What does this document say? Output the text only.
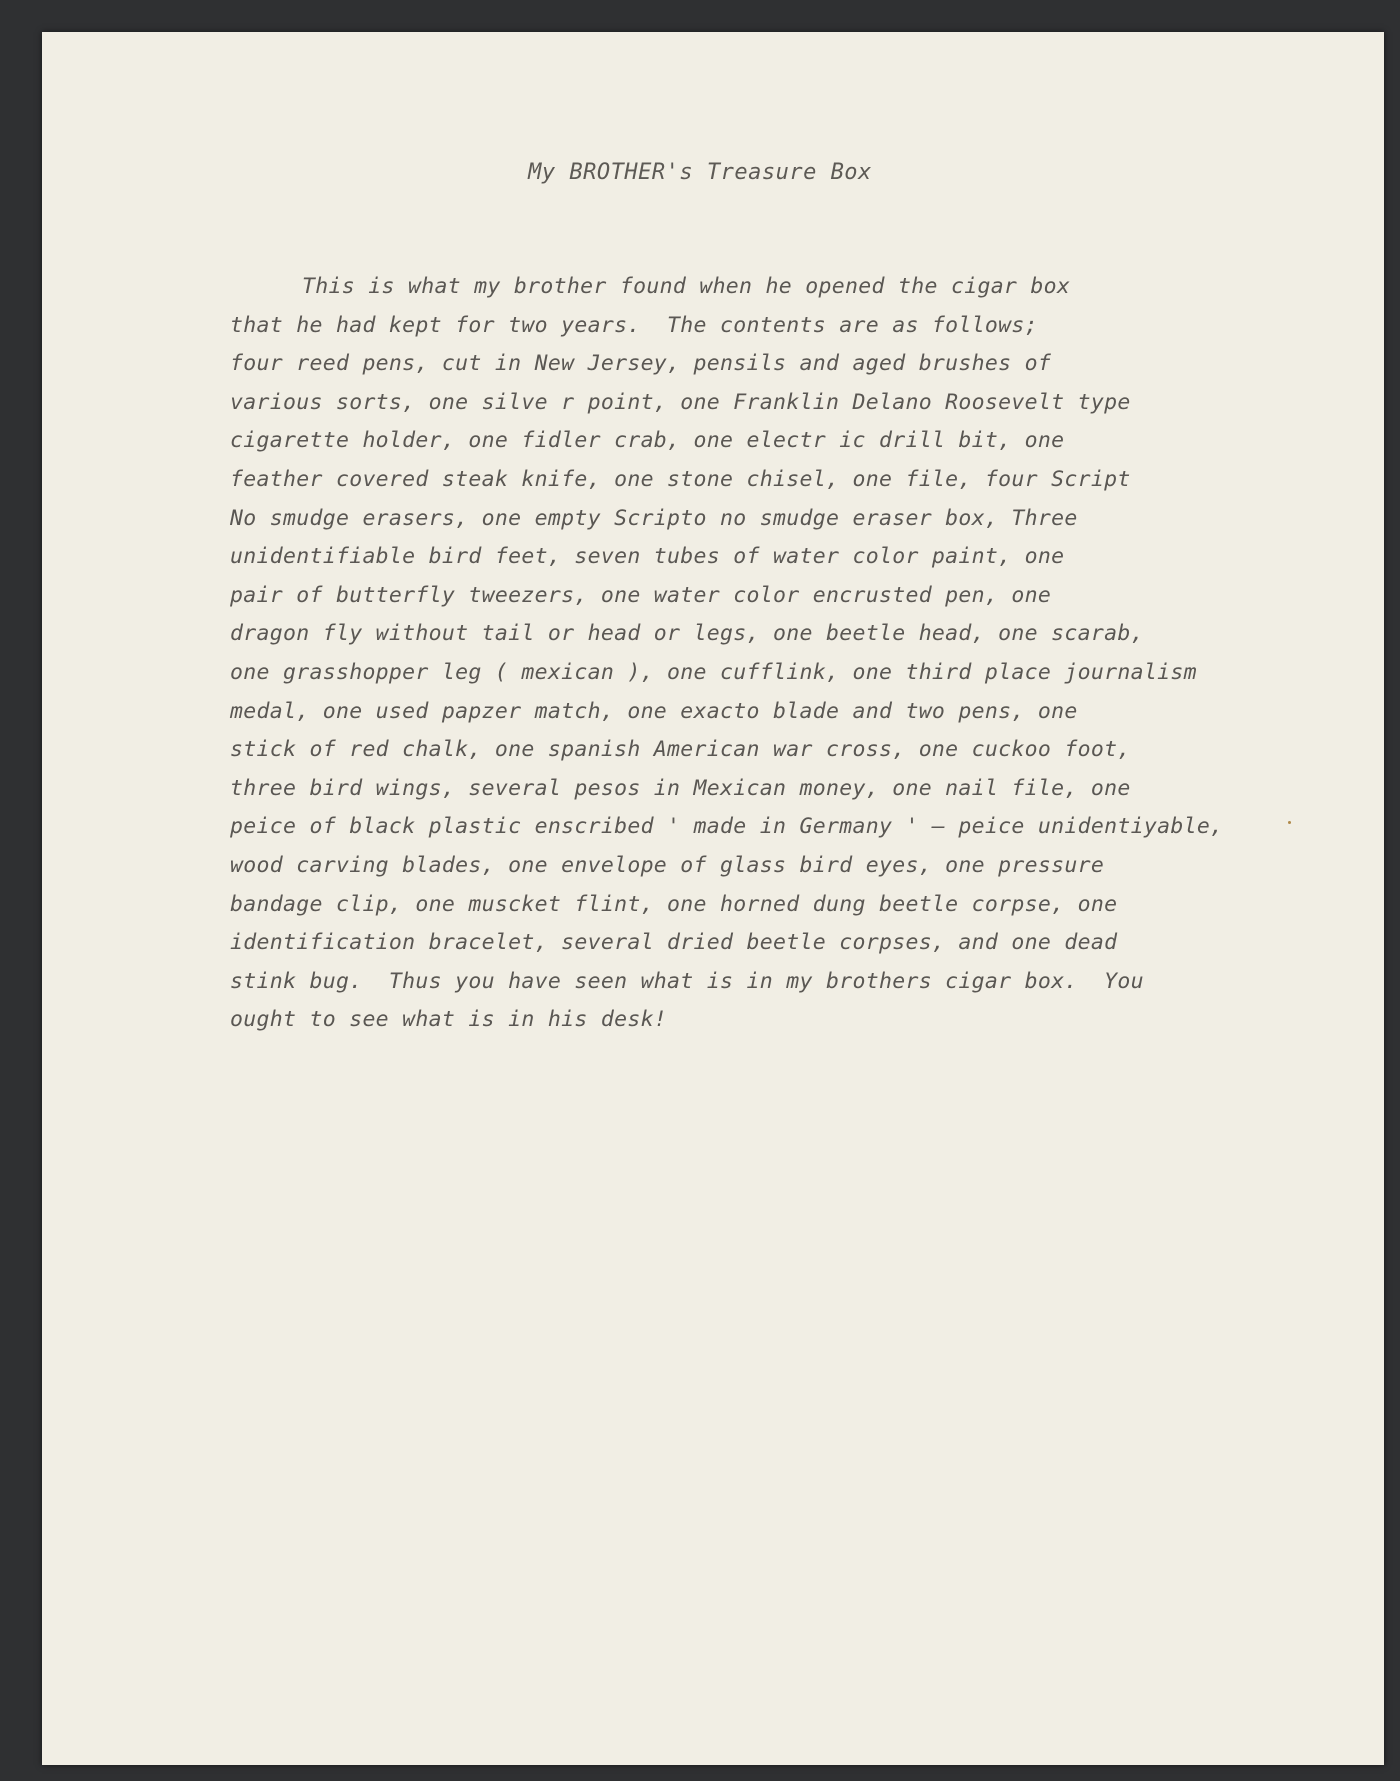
My BROTHER's Treasure Box
This is what my brother found when he opened the cigar box
that he had kept for two years.  The contents are as follows;
four reed pens, cut in New Jersey, pensils and aged brushes of
various sorts, one silve r point, one Franklin Delano Roosevelt type
cigarette holder, one fidler crab, one electr ic drill bit, one
feather covered steak knife, one stone chisel, one file, four Script
No smudge erasers, one empty Scripto no smudge eraser box, Three
unidentifiable bird feet, seven tubes of water color paint, one
pair of butterfly tweezers, one water color encrusted pen, one
dragon fly without tail or head or legs, one beetle head, one scarab,
one grasshopper leg ( mexican ), one cufflink, one third place journalism
medal, one used papzer match, one exacto blade and two pens, one
stick of red chalk, one spanish American war cross, one cuckoo foot,
three bird wings, several pesos in Mexican money, one nail file, one
peice of black plastic enscribed ' made in Germany ' — peice unidentiyable,
wood carving blades, one envelope of glass bird eyes, one pressure
bandage clip, one muscket flint, one horned dung beetle corpse, one
identification bracelet, several dried beetle corpses, and one dead
stink bug.  Thus you have seen what is in my brothers cigar box.  You
ought to see what is in his desk!
